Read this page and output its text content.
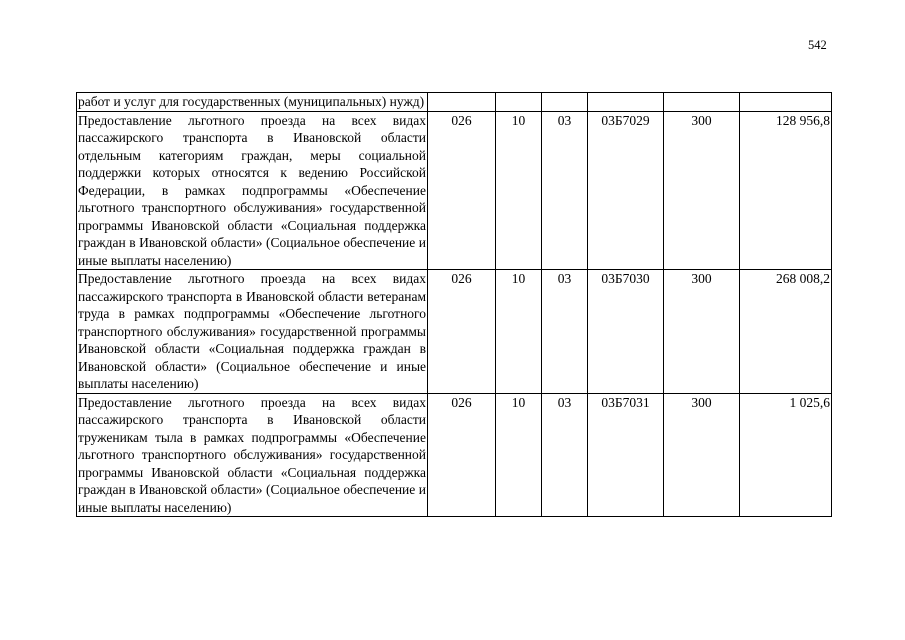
542
работ и услуг для государственных (муниципальных) нужд)						
Предоставление льготного проезда на всех видах пассажирского транспорта в Ивановской области отдельным категориям граждан, меры социальной поддержки которых относятся к ведению Российской Федерации, в рамках подпрограммы «Обеспечение льготного транспортного обслуживания» государственной программы Ивановской области «Социальная поддержка граждан в Ивановской области» (Социальное обеспечение и иные выплаты населению)	026	10	03	03Б7029	300	128 956,8
Предоставление льготного проезда на всех видах пассажирского транспорта в Ивановской области ветеранам труда в рамках подпрограммы «Обеспечение льготного транспортного обслуживания» государственной программы Ивановской области «Социальная поддержка граждан в Ивановской области» (Социальное обеспечение и иные выплаты населению)	026	10	03	03Б7030	300	268 008,2
Предоставление льготного проезда на всех видах пассажирского транспорта в Ивановской области труженикам тыла в рамках подпрограммы «Обеспечение льготного транспортного обслуживания» государственной программы Ивановской области «Социальная поддержка граждан в Ивановской области» (Социальное обеспечение и иные выплаты населению)	026	10	03	03Б7031	300	1 025,6
